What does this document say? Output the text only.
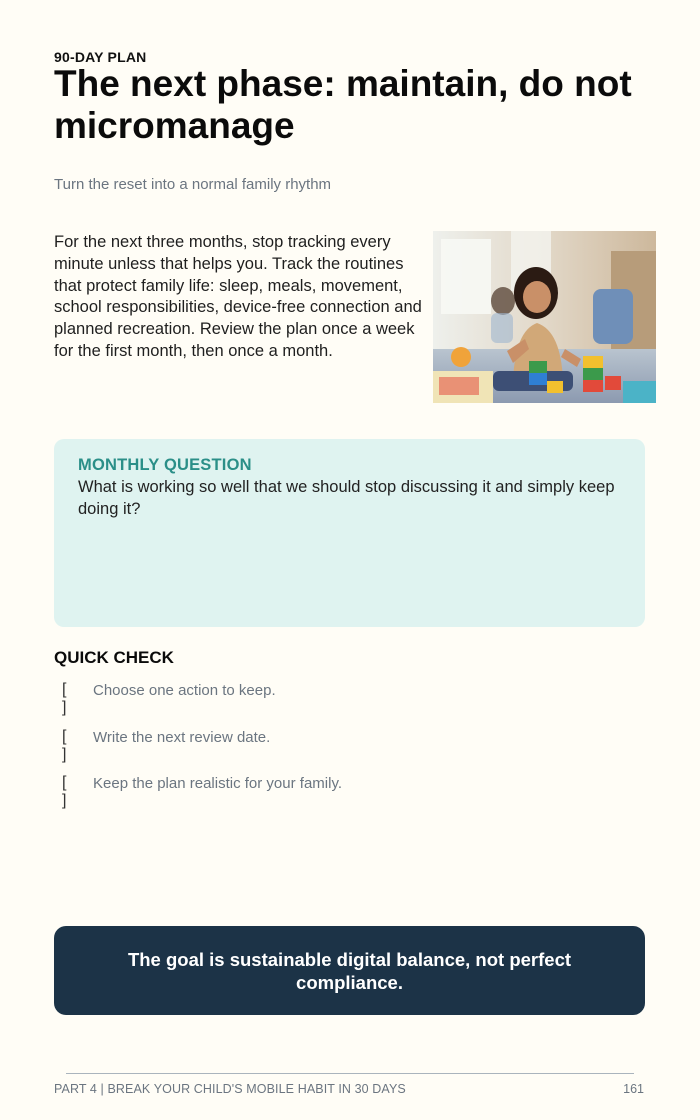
90-DAY PLAN
The next phase: maintain, do not micromanage
Turn the reset into a normal family rhythm
For the next three months, stop tracking every minute unless that helps you. Track the routines that protect family life: sleep, meals, movement, school responsibilities, device-free connection and planned recreation. Review the plan once a week for the first month, then once a month.
MONTHLY QUESTION
What is working so well that we should stop discussing it and simply keep doing it?
QUICK CHECK
[ ]
Choose one action to keep.
[ ]
Write the next review date.
[ ]
Keep the plan realistic for your family.
The goal is sustainable digital balance, not perfect compliance.
PART 4 | BREAK YOUR CHILD'S MOBILE HABIT IN 30 DAYS	161
